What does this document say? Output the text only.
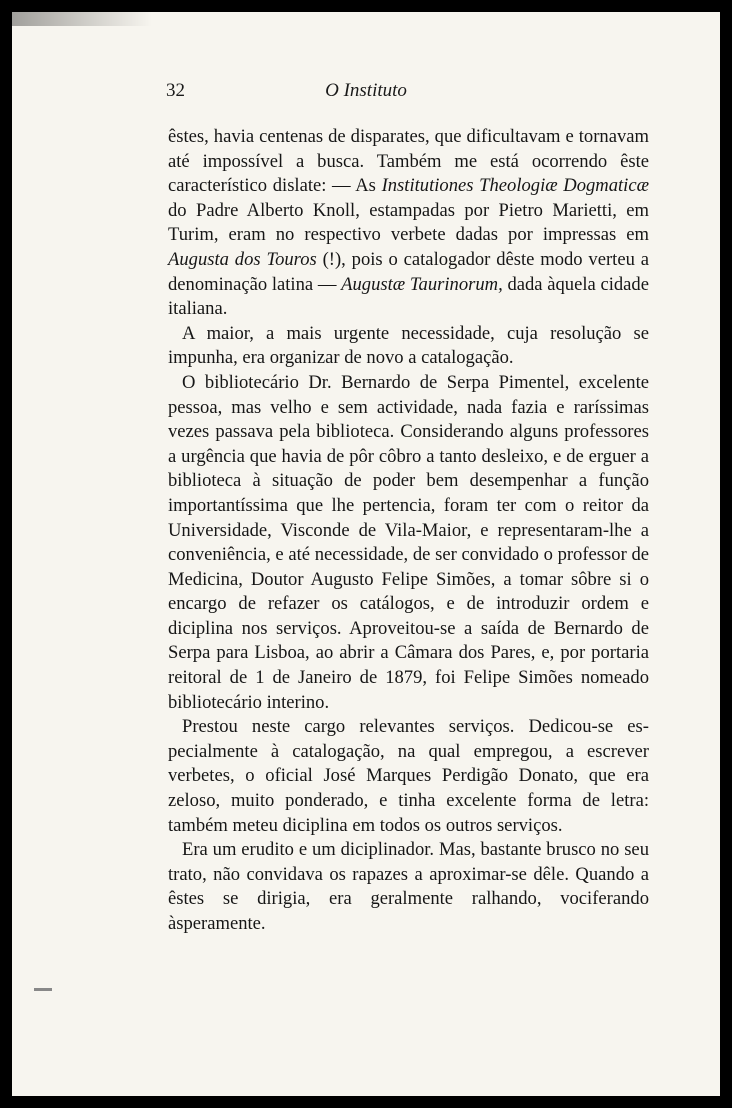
32	O Instituto

êstes, havia centenas de disparates, que dificultavam e tornavam até impossível a busca. Também me está ocorrendo êste característico dislate: — As Institutiones Theologiæ Dogmaticæ do Padre Alberto Knoll, estampadas por Pietro Marietti, em Turim, eram no respectivo verbete dadas por impressas em Augusta dos Touros (!), pois o catalogador dêste modo verteu a denominação latina — Augustæ Taurinorum, dada àquela cidade italiana.

A maior, a mais urgente necessidade, cuja resolução se impunha, era organizar de novo a catalogação.

O bibliotecário Dr. Bernardo de Serpa Pimentel, excelente pessoa, mas velho e sem actividade, nada fazia e raríssimas vezes passava pela biblioteca. Considerando alguns professores a urgência que havia de pôr côbro a tanto desleixo, e de erguer a biblioteca à situação de poder bem desempenhar a função importantíssima que lhe pertencia, foram ter com o reitor da Universidade, Visconde de Vila-Maior, e representaram-lhe a conveniência, e até necessidade, de ser convidado o professor de Medicina, Doutor Augusto Felipe Simões, a tomar sôbre si o encargo de refazer os catálogos, e de introduzir ordem e diciplina nos serviços. Aproveitou-se a saída de Bernardo de Serpa para Lisboa, ao abrir a Câmara dos Pares, e, por portaria reitoral de 1 de Janeiro de 1879, foi Felipe Simões nomeado bibliotecário interino.

Prestou neste cargo relevantes serviços. Dedicou-se especialmente à catalogação, na qual empregou, a escrever verbetes, o oficial José Marques Perdigão Donato, que era zeloso, muito ponderado, e tinha excelente forma de letra: também meteu diciplina em todos os outros serviços.

Era um erudito e um diciplinador. Mas, bastante brusco no seu trato, não convidava os rapazes a aproximar-se dêle. Quando a êstes se dirigia, era geralmente ralhando, vociferando àsperamente.
